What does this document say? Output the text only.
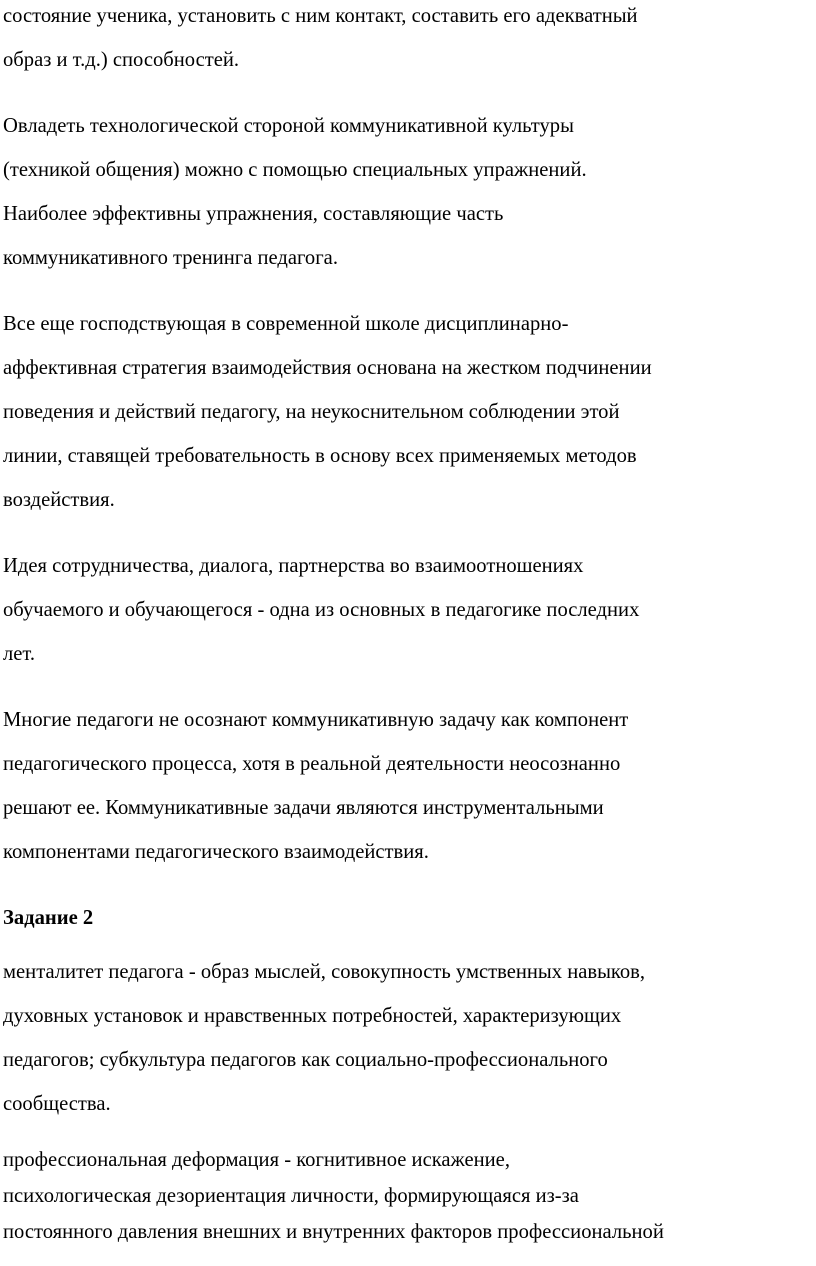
состояние ученика, установить с ним контакт, составить его адекватный
образ и т.д.) способностей.

Овладеть технологической стороной коммуникативной культуры
(техникой общения) можно с помощью специальных упражнений.
Наиболее эффективны упражнения, составляющие часть
коммуникативного тренинга педагога.

Все еще господствующая в современной школе дисциплинарно-
аффективная стратегия взаимодействия основана на жестком подчинении
поведения и действий педагогу, на неукоснительном соблюдении этой
линии, ставящей требовательность в основу всех применяемых методов
воздействия.

Идея сотрудничества, диалога, партнерства во взаимоотношениях
обучаемого и обучающегося - одна из основных в педагогике последних
лет.

Многие педагоги не осознают коммуникативную задачу как компонент
педагогического процесса, хотя в реальной деятельности неосознанно
решают ее. Коммуникативные задачи являются инструментальными
компонентами педагогического взаимодействия.

Задание 2

менталитет педагога - образ мыслей, совокупность умственных навыков,
духовных установок и нравственных потребностей, характеризующих
педагогов; субкультура педагогов как социально-профессионального
сообщества.

профессиональная деформация - когнитивное искажение,
психологическая дезориентация личности, формирующаяся из-за
постоянного давления внешних и внутренних факторов профессиональной
